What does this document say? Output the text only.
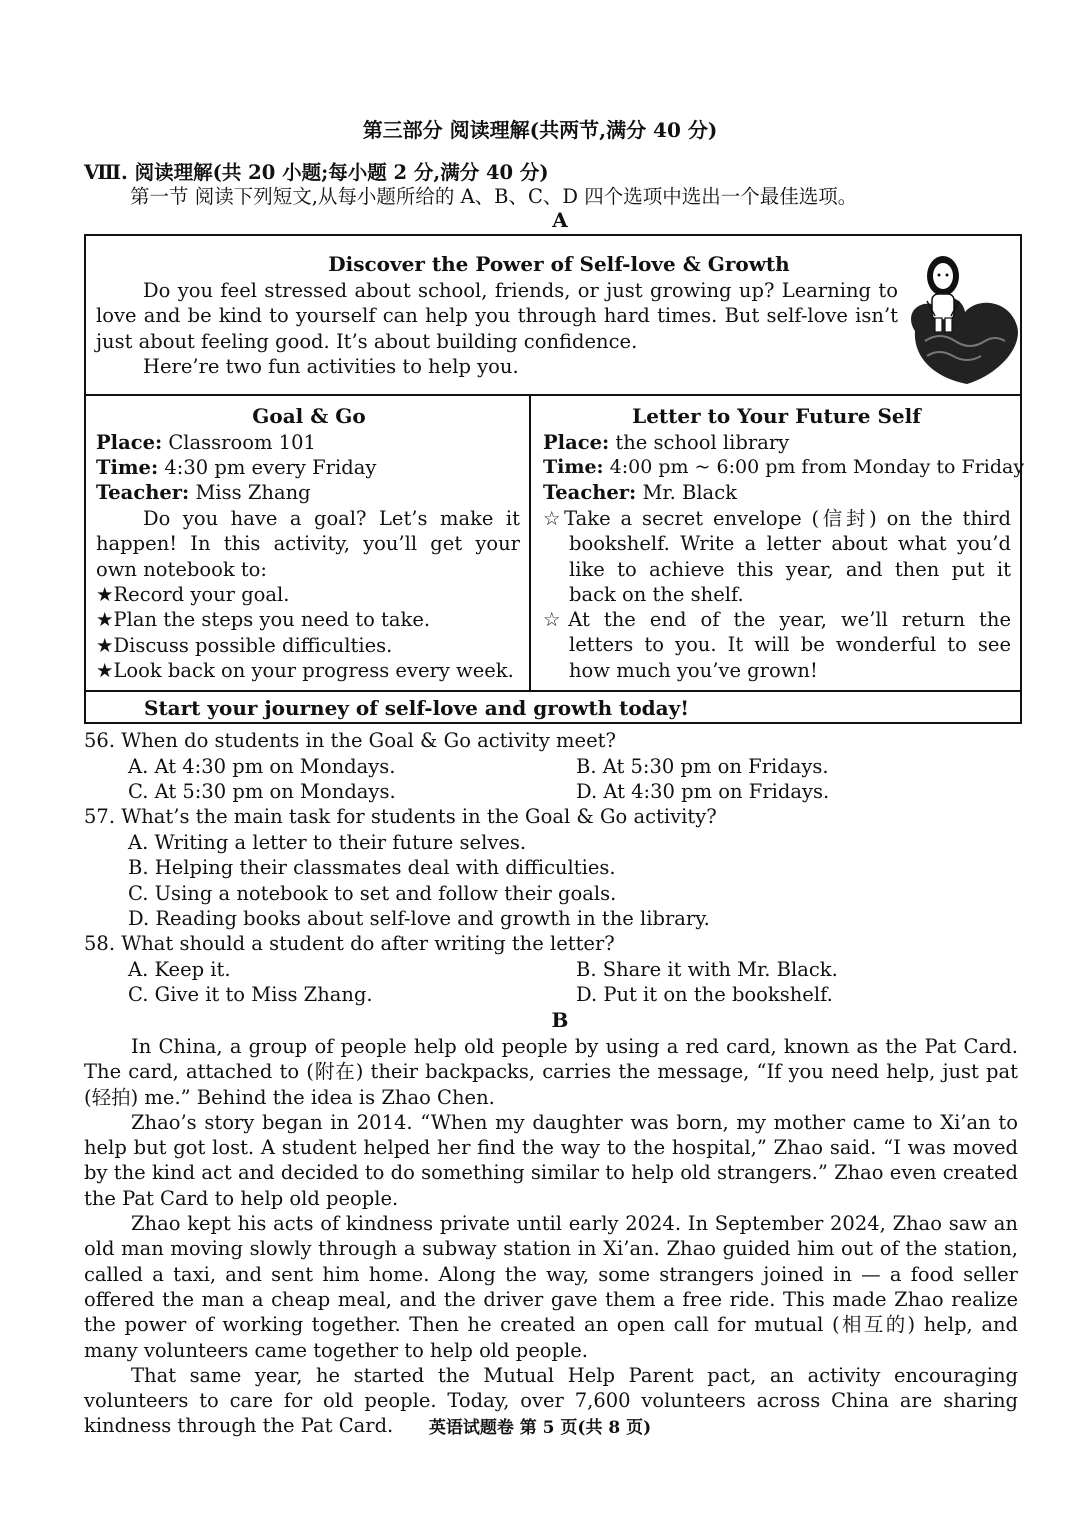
第三部分 阅读理解(共两节,满分 40 分)
Ⅷ. 阅读理解(共 20 小题;每小题 2 分,满分 40 分)
第一节 阅读下列短文,从每小题所给的 A、B、C、D 四个选项中选出一个最佳选项。
A
Discover the Power of Self-love & Growth

Do you feel stressed about school, friends, or just growing up? Learning to love and be kind to yourself can help you through hard times. But self-love isn’t just about feeling good. It’s about building confidence.

Here’re two fun activities to help you.

Goal & Go
Place: Classroom 101
Time: 4:30 pm every Friday
Teacher: Miss Zhang

Do you have a goal? Let’s make it happen! In this activity, you’ll get your own notebook to:

★Record your goal.
★Plan the steps you need to take.
★Discuss possible difficulties.
★Look back on your progress every week.
Letter to Your Future Self
Place: the school library
Time: 4:00 pm ~ 6:00 pm from Monday to Friday
Teacher: Mr. Black
☆Take a secret envelope (信封) on the third bookshelf. Write a letter about what you’d like to achieve this year, and then put it back on the shelf.
☆At the end of the year, we’ll return the letters to you. It will be wonderful to see how much you’ve grown!
Start your journey of self-love and growth today!
56. When do students in the Goal & Go activity meet?
A. At 4:30 pm on Mondays.	B. At 5:30 pm on Fridays.
C. At 5:30 pm on Mondays.	D. At 4:30 pm on Fridays.
57. What’s the main task for students in the Goal & Go activity?
A. Writing a letter to their future selves.
B. Helping their classmates deal with difficulties.
C. Using a notebook to set and follow their goals.
D. Reading books about self-love and growth in the library.
58. What should a student do after writing the letter?
A. Keep it.	B. Share it with Mr. Black.
C. Give it to Miss Zhang.	D. Put it on the bookshelf.
B

In China, a group of people help old people by using a red card, known as the Pat Card. The card, attached to (附在) their backpacks, carries the message, “If you need help, just pat (轻拍) me.” Behind the idea is Zhao Chen.

Zhao’s story began in 2014. “When my daughter was born, my mother came to Xi’an to help but got lost. A student helped her find the way to the hospital,” Zhao said. “I was moved by the kind act and decided to do something similar to help old strangers.” Zhao even created the Pat Card to help old people.

Zhao kept his acts of kindness private until early 2024. In September 2024, Zhao saw an old man moving slowly through a subway station in Xi’an. Zhao guided him out of the station, called a taxi, and sent him home. Along the way, some strangers joined in — a food seller offered the man a cheap meal, and the driver gave them a free ride. This made Zhao realize the power of working together. Then he created an open call for mutual (相互的) help, and many volunteers came together to help old people.

That same year, he started the Mutual Help Parent pact, an activity encouraging volunteers to care for old people. Today, over 7,600 volunteers across China are sharing kindness through the Pat Card.	英语试题卷 第 5 页(共 8 页)
